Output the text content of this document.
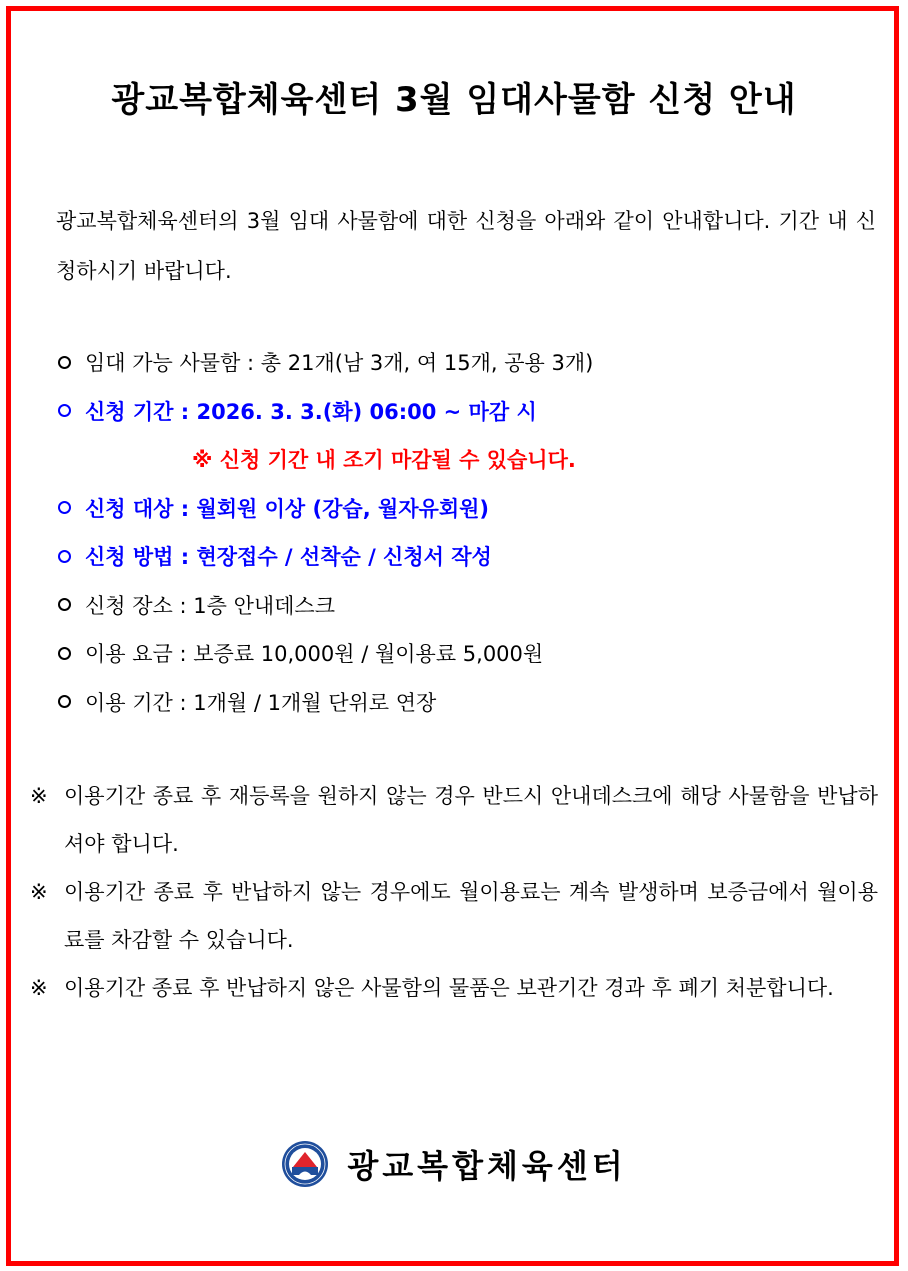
광교복합체육센터 3월 임대사물함 신청 안내
광교복합체육센터의 3월 임대 사물함에 대한 신청을 아래와 같이 안내합니다. 기간 내 신청하시기 바랍니다.
임대 가능 사물함 : 총 21개(남 3개, 여 15개, 공용 3개)
신청 기간 : 2026. 3. 3.(화) 06:00 ~ 마감 시
※ 신청 기간 내 조기 마감될 수 있습니다.
신청 대상 : 월회원 이상 (강습, 월자유회원)
신청 방법 : 현장접수 / 선착순 / 신청서 작성
신청 장소 : 1층 안내데스크
이용 요금 : 보증료 10,000원 / 월이용료 5,000원
이용 기간 : 1개월 / 1개월 단위로 연장
※ 이용기간 종료 후 재등록을 원하지 않는 경우 반드시 안내데스크에 해당 사물함을 반납하셔야 합니다.
※ 이용기간 종료 후 반납하지 않는 경우에도 월이용료는 계속 발생하며 보증금에서 월이용료를 차감할 수 있습니다.
※ 이용기간 종료 후 반납하지 않은 사물함의 물품은 보관기간 경과 후 폐기 처분합니다.
광교복합체육센터
